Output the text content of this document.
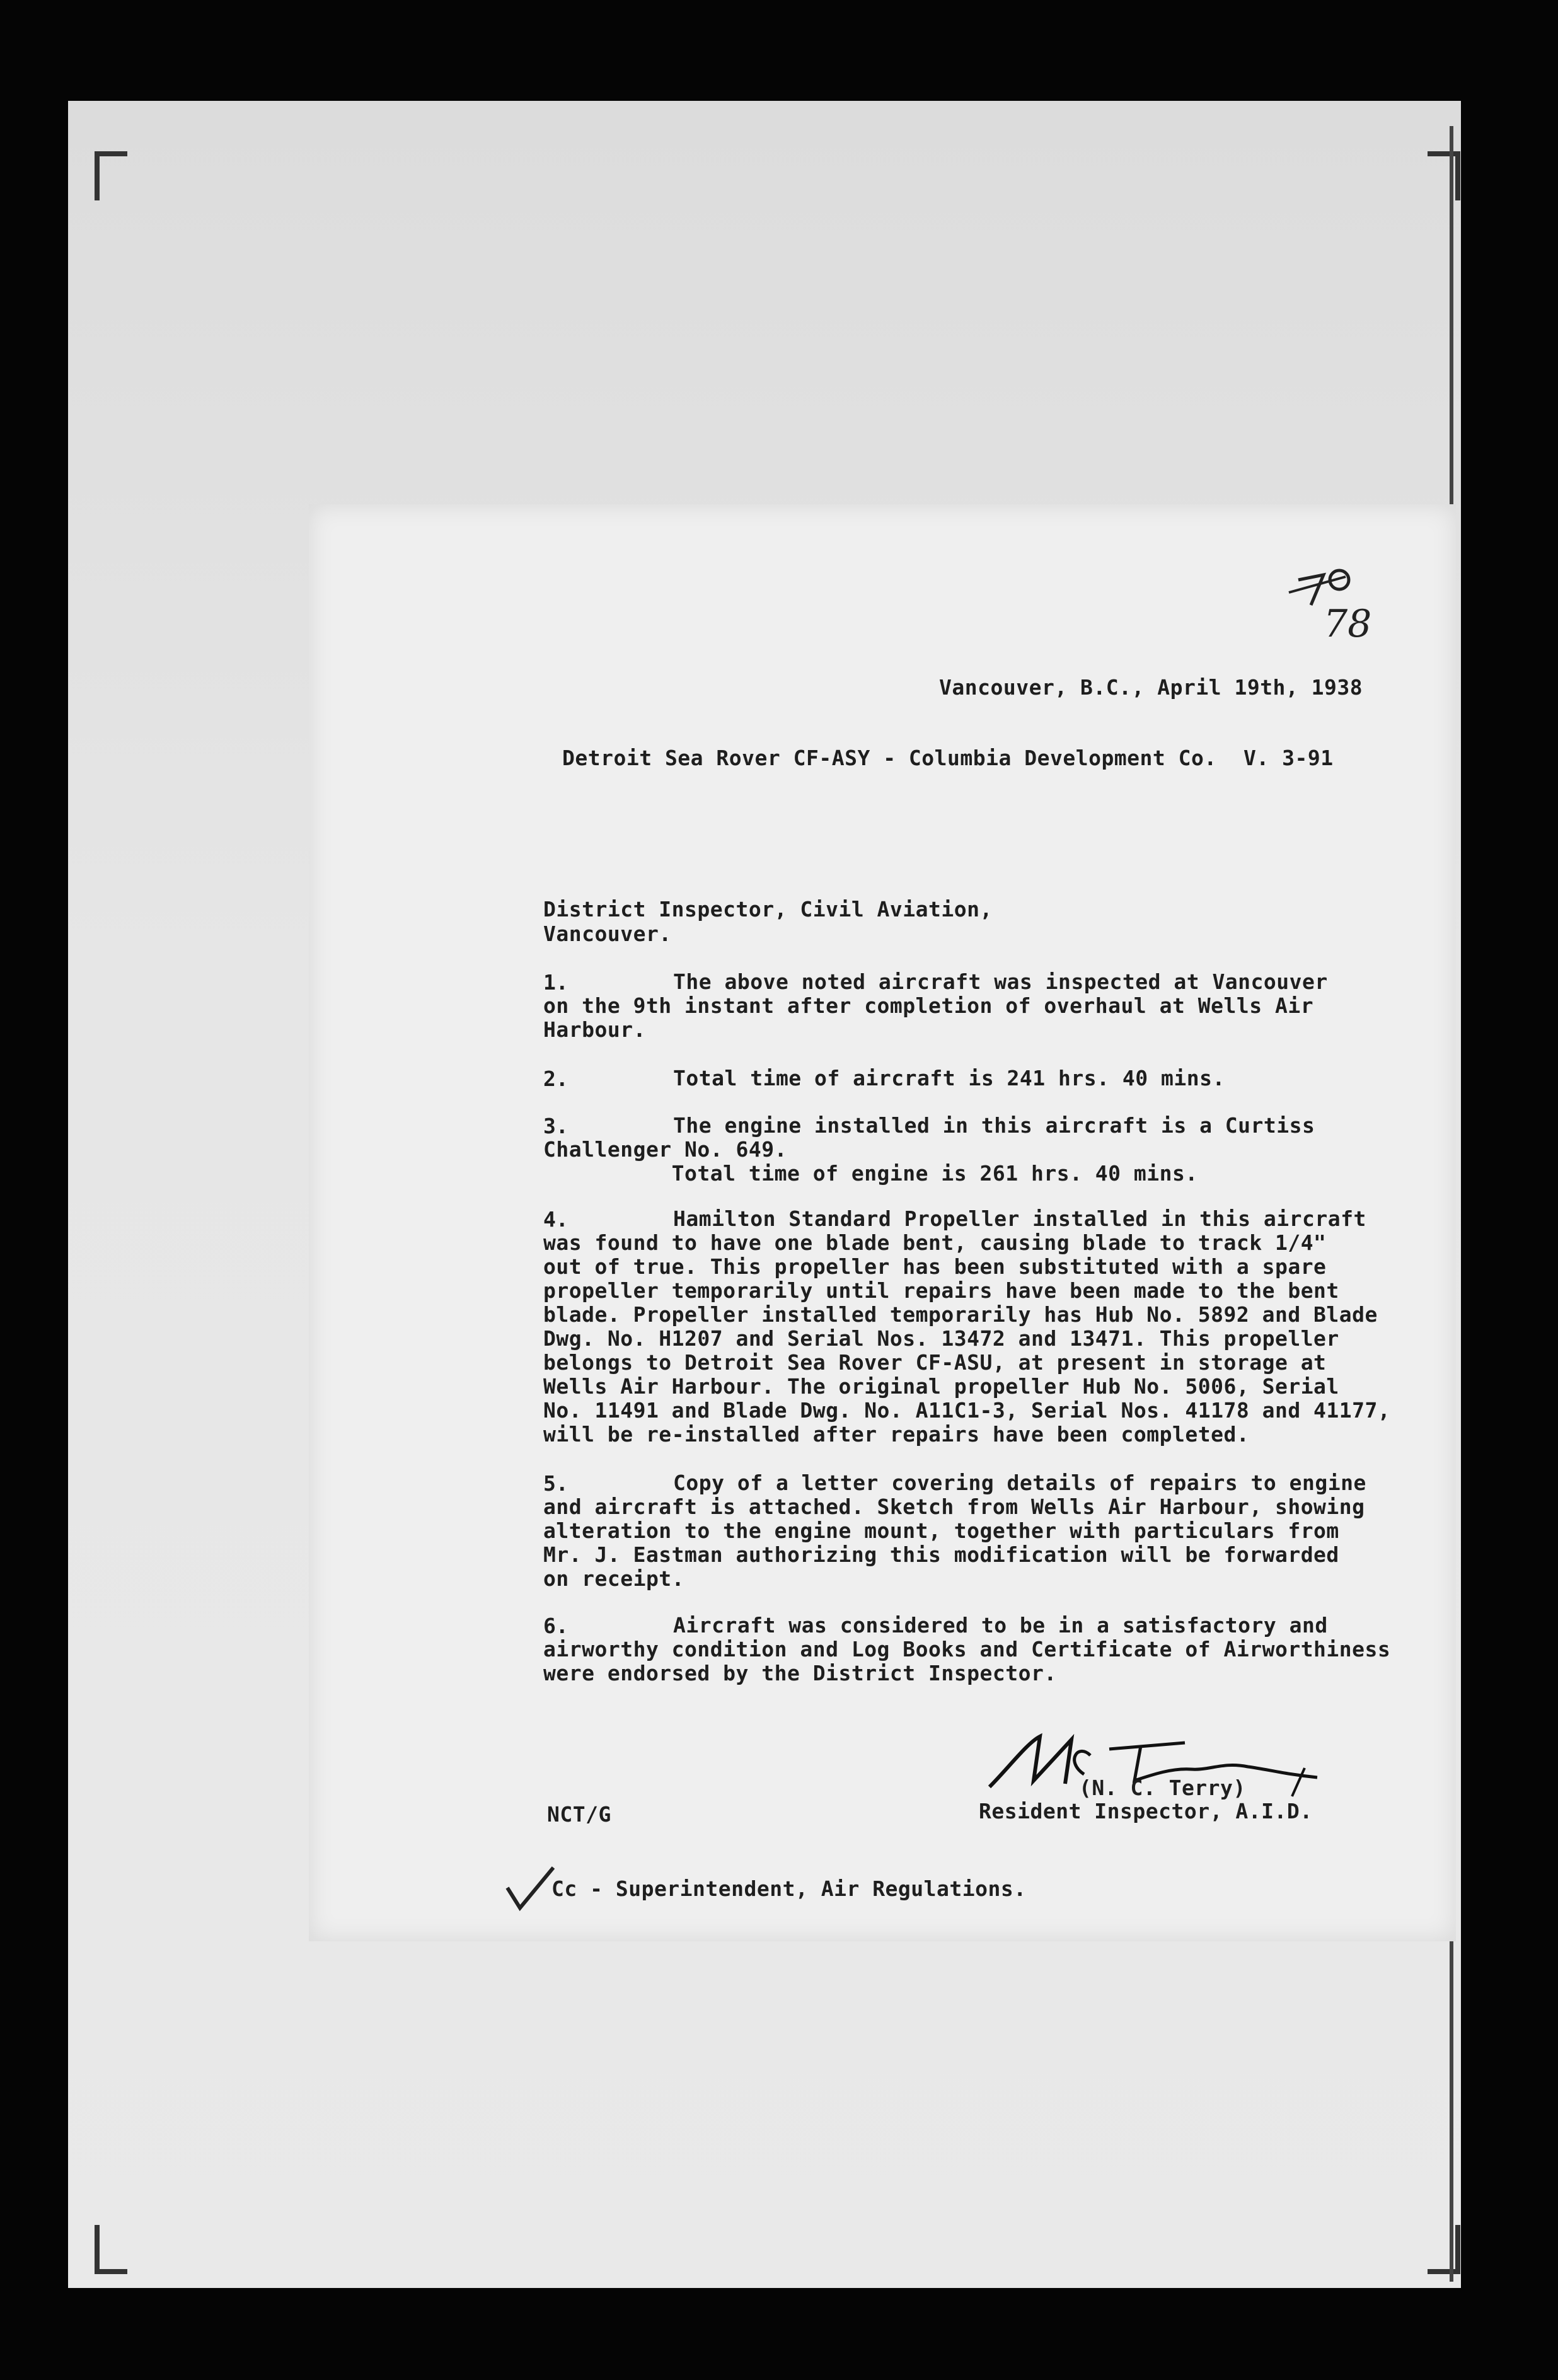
78
Vancouver, B.C., April 19th, 1938
Detroit Sea Rover CF-ASY - Columbia Development Co. V. 3-91
District Inspector, Civil Aviation,
Vancouver.
1.	The above noted aircraft was inspected at Vancouver
on the 9th instant after completion of overhaul at Wells Air
Harbour.
2.	Total time of aircraft is 241 hrs. 40 mins.
3.	The engine installed in this aircraft is a Curtiss
Challenger No. 649.
Total time of engine is 261 hrs. 40 mins.
4.	Hamilton Standard Propeller installed in this aircraft
was found to have one blade bent, causing blade to track 1/4"
out of true. This propeller has been substituted with a spare
propeller temporarily until repairs have been made to the bent
blade. Propeller installed temporarily has Hub No. 5892 and Blade
Dwg. No. H1207 and Serial Nos. 13472 and 13471. This propeller
belongs to Detroit Sea Rover CF-ASU, at present in storage at
Wells Air Harbour. The original propeller Hub No. 5006, Serial
No. 11491 and Blade Dwg. No. A11C1-3, Serial Nos. 41178 and 41177,
will be re-installed after repairs have been completed.
5.	Copy of a letter covering details of repairs to engine
and aircraft is attached. Sketch from Wells Air Harbour, showing
alteration to the engine mount, together with particulars from
Mr. J. Eastman authorizing this modification will be forwarded
on receipt.
6.	Aircraft was considered to be in a satisfactory and
airworthy condition and Log Books and Certificate of Airworthiness
were endorsed by the District Inspector.
(N. C. Terry)
Resident Inspector, A.I.D.
NCT/G
Cc - Superintendent, Air Regulations.
